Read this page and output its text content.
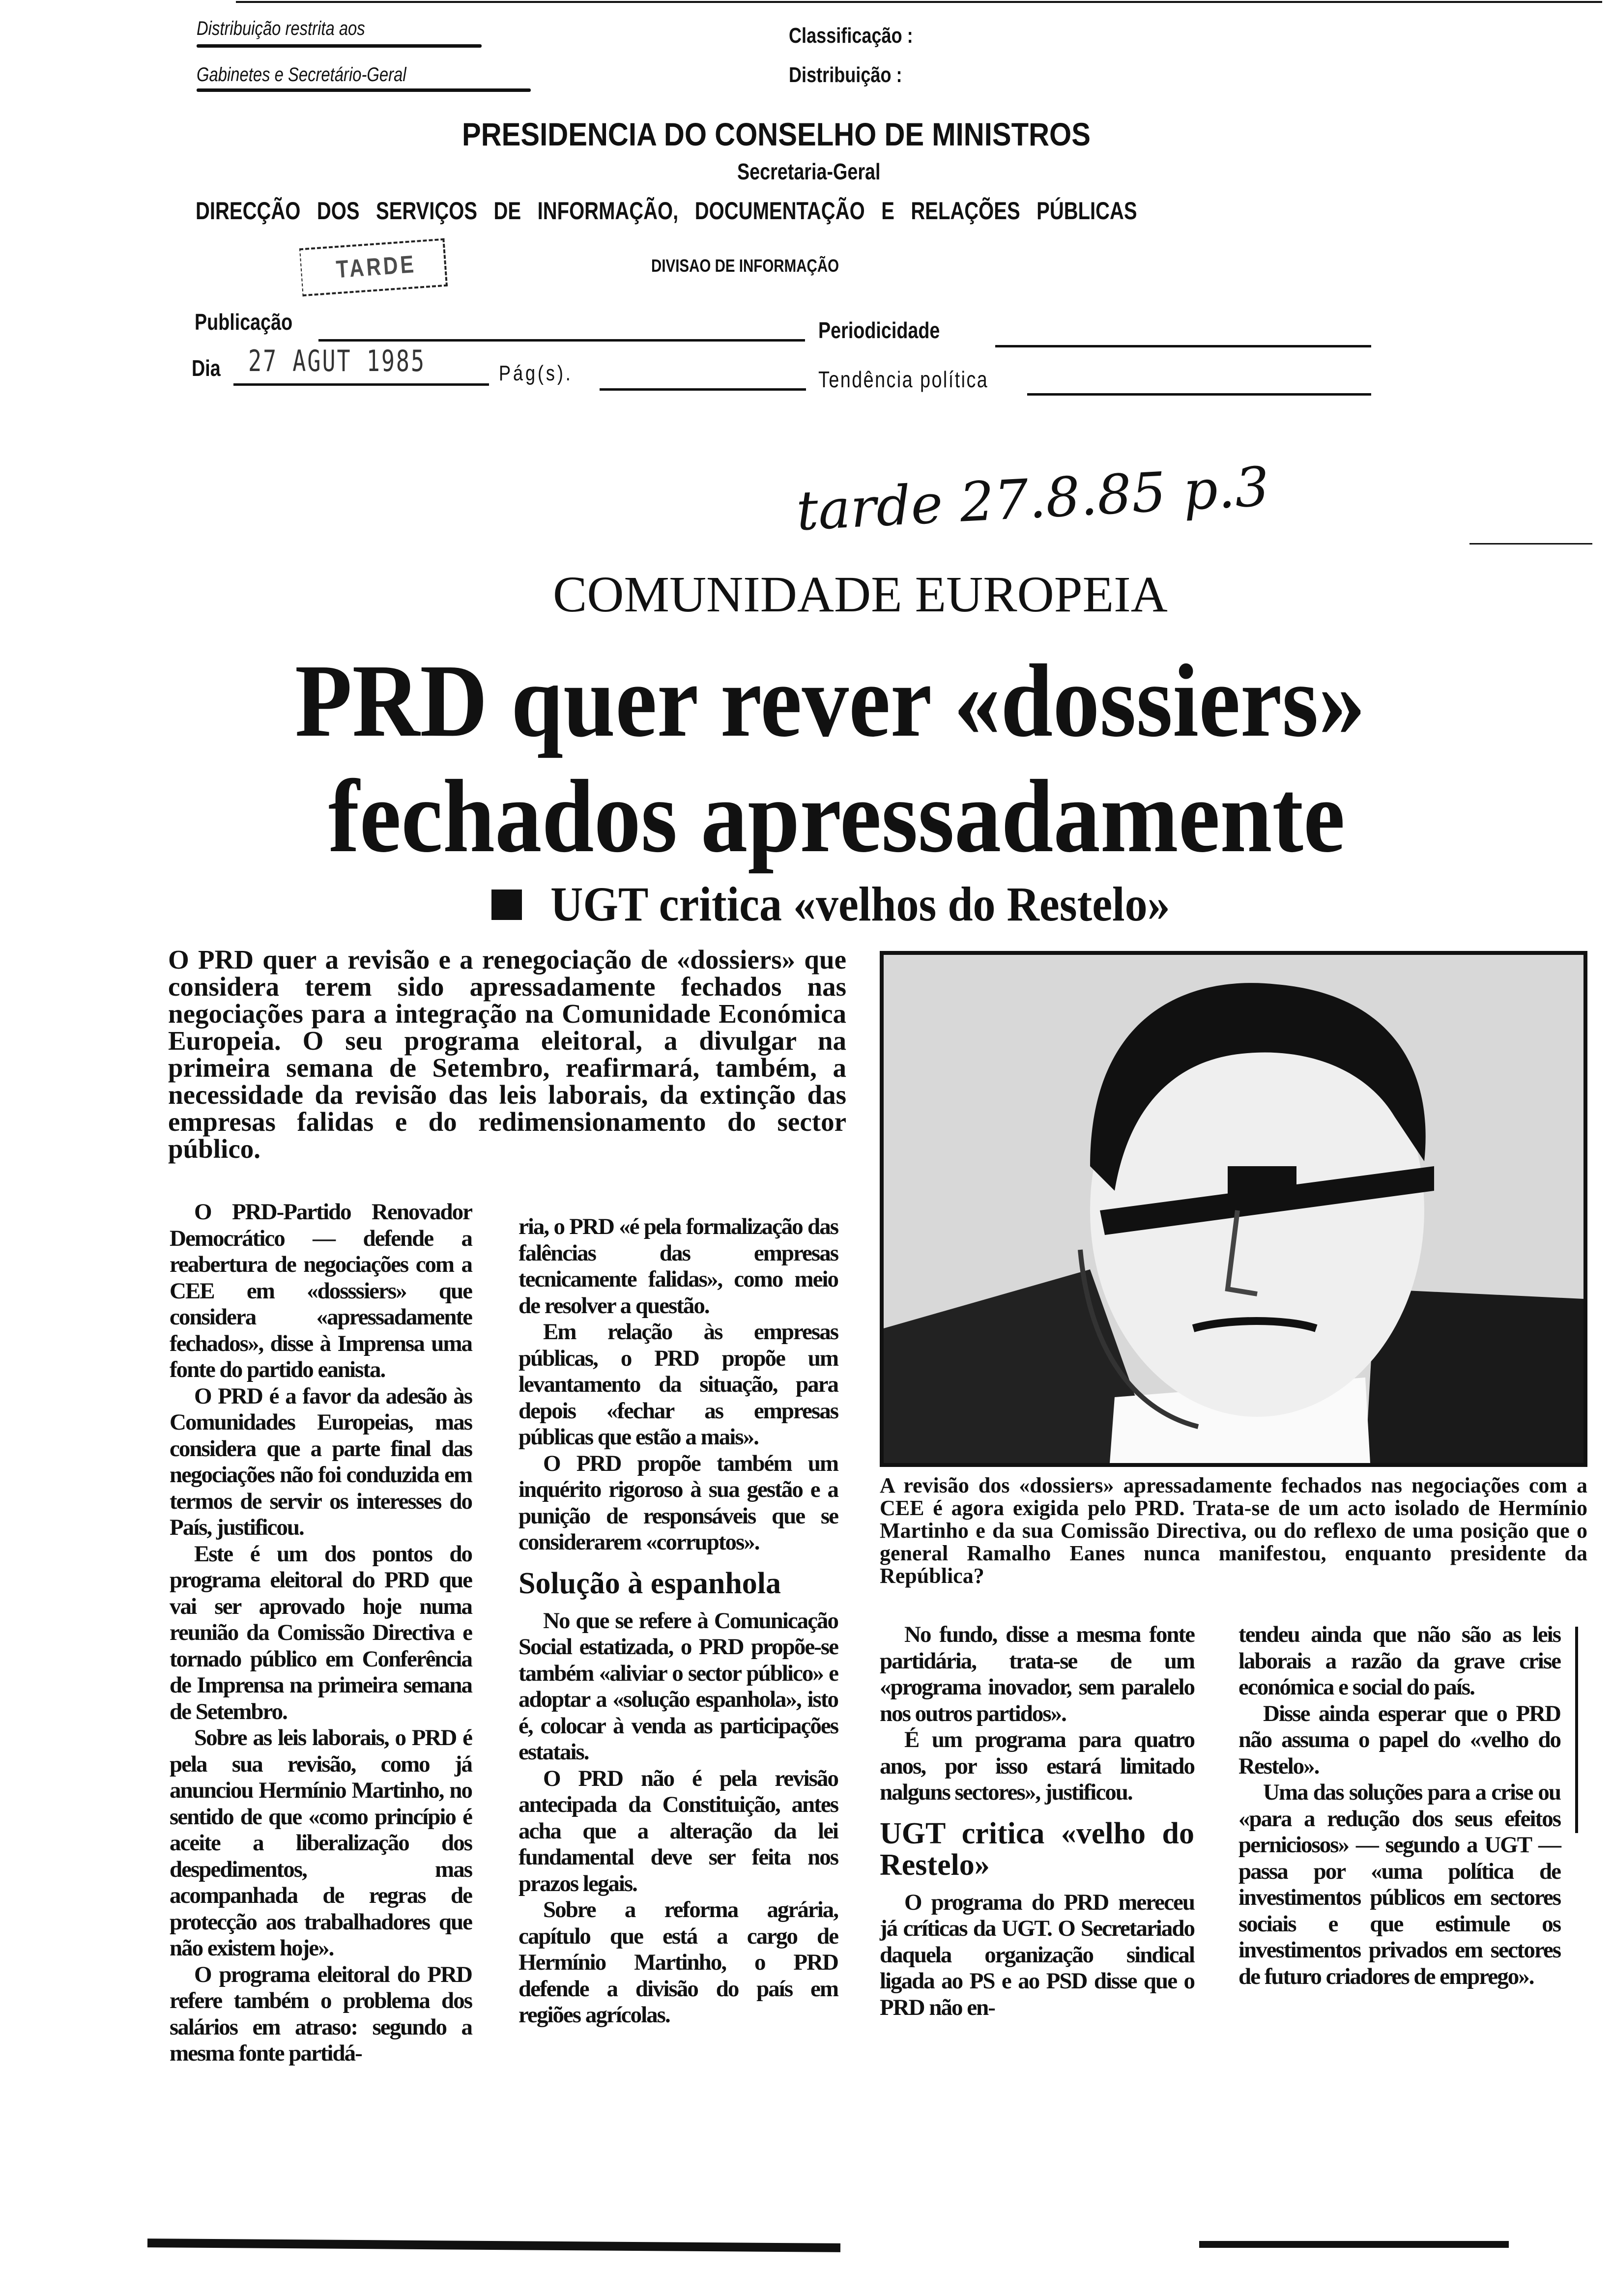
Distribuição restrita aos
Gabinetes e Secretário-Geral
Classificação :
Distribuição :
PRESIDENCIA DO CONSELHO DE MINISTROS
Secretaria-Geral
DIRECÇÃO DOS SERVIÇOS DE INFORMAÇÃO, DOCUMENTAÇÃO E RELAÇÕES PÚBLICAS
TARDE	DIVISAO DE INFORMAÇÃO
Publicação	Periodicidade
Dia 27 AGUT 1985	Pág(s).	Tendência política
tarde 27.8.85 p.3
COMUNIDADE EUROPEIA
PRD quer rever «dossiers»
fechados apressadamente
UGT critica «velhos do Restelo»
O PRD quer a revisão e a renegociação de «dossiers» que considera terem sido apressadamente fechados nas negociações para a integração na Comunidade Económica Europeia. O seu programa eleitoral, a divulgar na primeira semana de Setembro, reafirmará, também, a necessidade da revisão das leis laborais, da extinção das empresas falidas e do redimensionamento do sector público.
A revisão dos «dossiers» apressadamente fechados nas negociações com a CEE é agora exigida pelo PRD. Trata-se de um acto isolado de Hermínio Martinho e da sua Comissão Directiva, ou do reflexo de uma posição que o general Ramalho Eanes nunca manifestou, enquanto presidente da República?

O PRD-Partido Renovador Democrático — defende a reabertura de negociações com a CEE em «dosssiers» que considera «apressadamente fechados», disse à Imprensa uma fonte do partido eanista.

O PRD é a favor da adesão às Comunidades Europeias, mas considera que a parte final das negociações não foi conduzida em termos de servir os interesses do País, justificou.

Este é um dos pontos do programa eleitoral do PRD que vai ser aprovado hoje numa reunião da Comissão Directiva e tornado público em Conferência de Imprensa na primeira semana de Setembro.

Sobre as leis laborais, o PRD é pela sua revisão, como já anunciou Hermínio Martinho, no sentido de que «como princípio é aceite a liberalização dos despedimentos, mas acompanhada de regras de protecção aos trabalhadores que não existem hoje».

O programa eleitoral do PRD refere também o problema dos salários em atraso: segundo a mesma fonte partidá-

ria, o PRD «é pela formalização das falências das empresas tecnicamente falidas», como meio de resolver a questão.

Em relação às empresas públicas, o PRD propõe um levantamento da situação, para depois «fechar as empresas públicas que estão a mais».

O PRD propõe também um inquérito rigoroso à sua gestão e a punição de responsáveis que se considerarem «corruptos».

Solução à espanhola

No que se refere à Comunicação Social estatizada, o PRD propõe-se também «aliviar o sector público» e adoptar a «solução espanhola», isto é, colocar à venda as participações estatais.

O PRD não é pela revisão antecipada da Constituição, antes acha que a alteração da lei fundamental deve ser feita nos prazos legais.

Sobre a reforma agrária, capítulo que está a cargo de Hermínio Martinho, o PRD defende a divisão do país em regiões agrícolas.

No fundo, disse a mesma fonte partidária, trata-se de um «programa inovador, sem paralelo nos outros partidos».

É um programa para quatro anos, por isso estará limitado nalguns sectores», justificou.

UGT critica «velho do Restelo»

O programa do PRD mereceu já críticas da UGT. O Secretariado daquela organização sindical ligada ao PS e ao PSD disse que o PRD não en-

tendeu ainda que não são as leis laborais a razão da grave crise económica e social do país.

Disse ainda esperar que o PRD não assuma o papel do «velho do Restelo».

Uma das soluções para a crise ou «para a redução dos seus efeitos perniciosos» — segundo a UGT — passa por «uma política de investimentos públicos em sectores sociais e que estimule os investimentos privados em sectores de futuro criadores de emprego».
